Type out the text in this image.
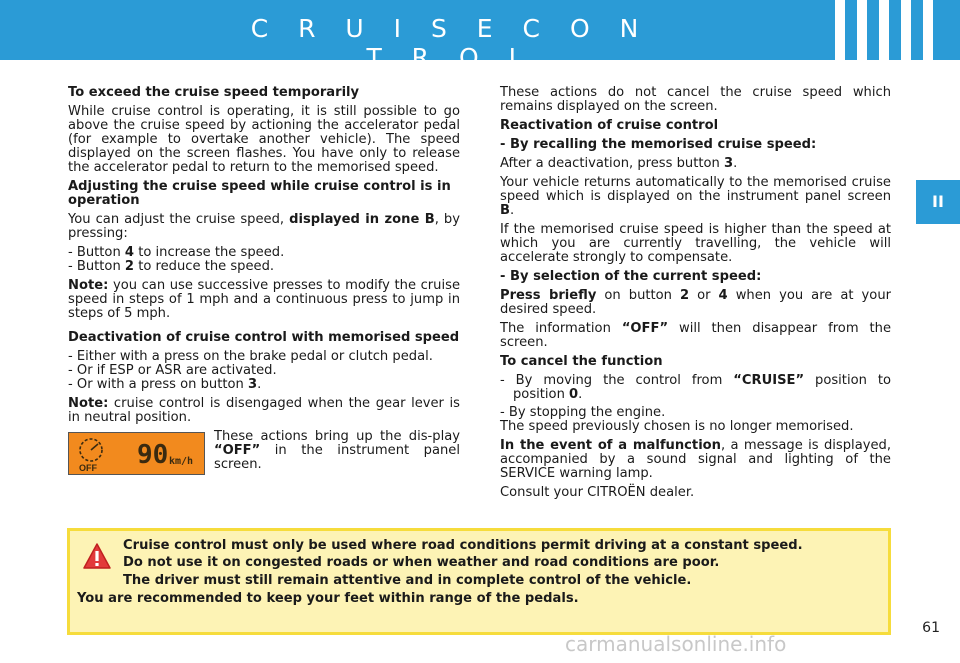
C R U I S E C O N T R O L
II
To exceed the cruise speed temporarily

While cruise control is operating, it is still possible to go above the cruise speed by actioning the accelerator pedal (for example to overtake another vehicle). The speed displayed on the screen flashes. You have only to release the accelerator pedal to return to the memorised speed.

Adjusting the cruise speed while cruise control is in operation

You can adjust the cruise speed, displayed in zone B, by pressing:

- Button 4 to increase the speed.
- Button 2 to reduce the speed.

Note: you can use successive presses to modify the cruise speed in steps of 1 mph and a continuous press to jump in steps of 5 mph.

Deactivation of cruise control with memorised speed
- Either with a press on the brake pedal or clutch pedal.
- Or if ESP or ASR are activated.
- Or with a press on button 3.

Note: cruise control is disengaged when the gear lever is in neutral position.

OFF 90 km/h
These actions bring up the dis-play “OFF” in the instrument panel screen.

These actions do not cancel the cruise speed which remains displayed on the screen.

Reactivation of cruise control
- By recalling the memorised cruise speed:

After a deactivation, press button 3.

Your vehicle returns automatically to the memorised cruise speed which is displayed on the instrument panel screen B.

If the memorised cruise speed is higher than the speed at which you are currently travelling, the vehicle will accelerate strongly to compensate.

- By selection of the current speed:

Press briefly on button 2 or 4 when you are at your desired speed.

The information “OFF” will then disappear from the screen.

To cancel the function
- By moving the control from “CRUISE” position to position 0.
- By stopping the engine.

The speed previously chosen is no longer memorised.

In the event of a malfunction, a message is displayed, accompanied by a sound signal and lighting of the SERVICE warning lamp.

Consult your CITROËN dealer.

Cruise control must only be used where road conditions permit driving at a constant speed.
Do not use it on congested roads or when weather and road conditions are poor.
The driver must still remain attentive and in complete control of the vehicle.
You are recommended to keep your feet within range of the pedals.
61
carmanualsonline.info
